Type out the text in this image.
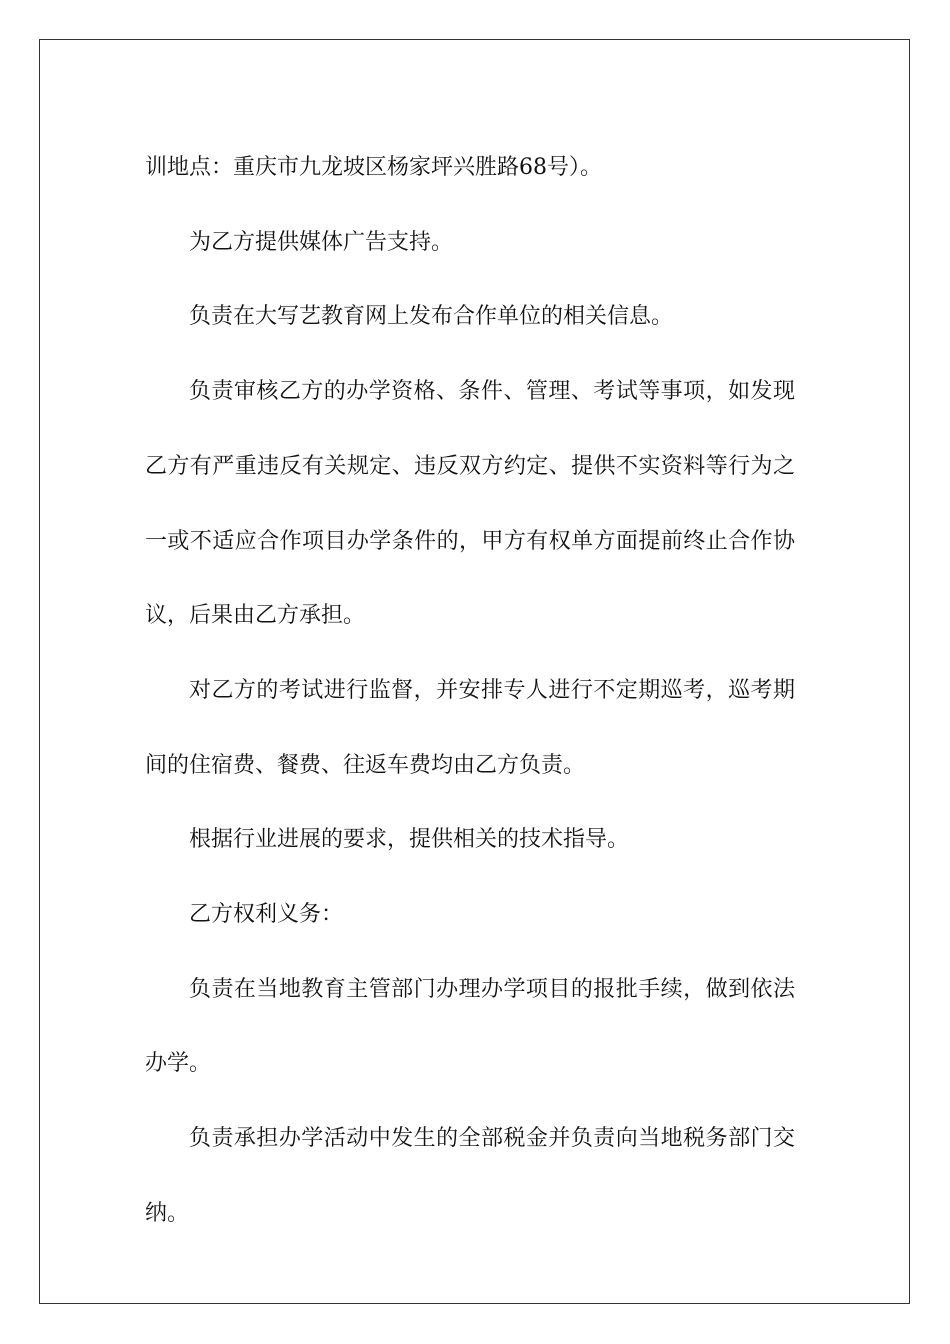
训地点：重庆市九龙坡区杨家坪兴胜路68号）。

为乙方提供媒体广告支持。

负责在大写艺教育网上发布合作单位的相关信息。

负责审核乙方的办学资格、条件、管理、考试等事项，如发现乙方有严重违反有关规定、违反双方约定、提供不实资料等行为之一或不适应合作项目办学条件的，甲方有权单方面提前终止合作协议，后果由乙方承担。

对乙方的考试进行监督，并安排专人进行不定期巡考，巡考期间的住宿费、餐费、往返车费均由乙方负责。

根据行业进展的要求，提供相关的技术指导。

乙方权利义务：

负责在当地教育主管部门办理办学项目的报批手续，做到依法办学。

负责承担办学活动中发生的全部税金并负责向当地税务部门交纳。
